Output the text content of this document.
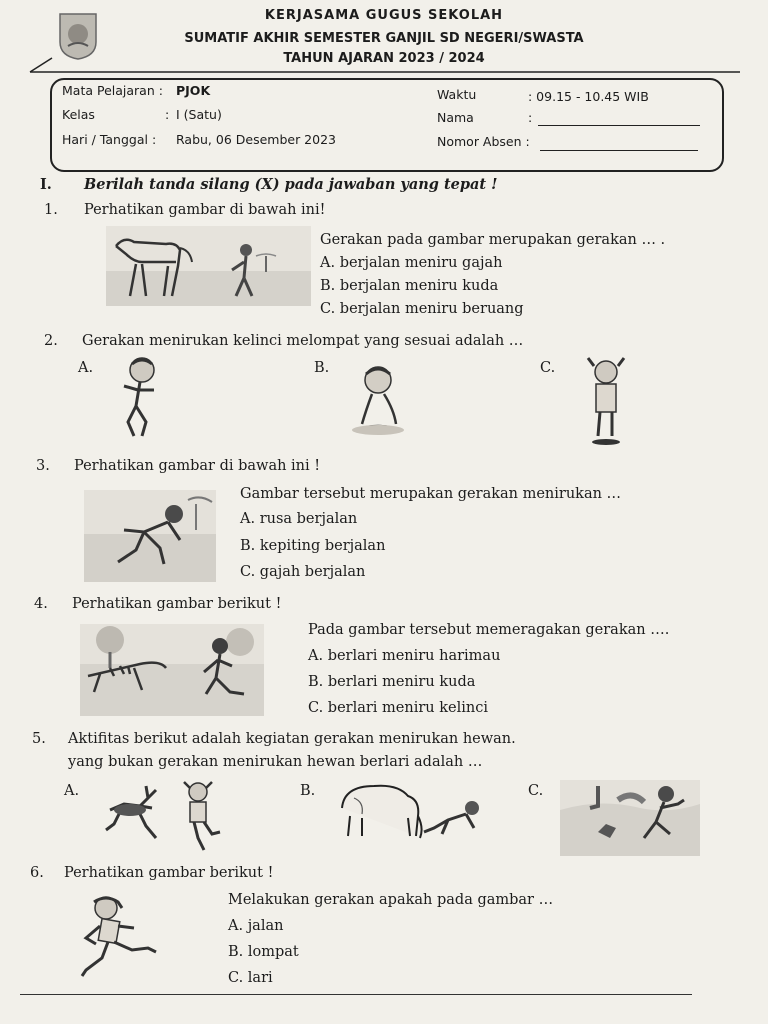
KERJASAMA GUGUS SEKOLAH
SUMATIF AKHIR SEMESTER GANJIL SD NEGERI/SWASTA
TAHUN AJARAN 2023 / 2024
Mata Pelajaran : PJOK
Kelas	: I (Satu)
Hari / Tanggal : Rabu, 06 Desember 2023
Waktu	: 09.15 - 10.45 WIB
Nama	:
Nomor Absen :
I. Berilah tanda silang (X) pada jawaban yang tepat !
1. Perhatikan gambar di bawah ini!
Gerakan pada gambar merupakan gerakan … .
A. berjalan meniru gajah
B. berjalan meniru kuda
C. berjalan meniru beruang
2. Gerakan menirukan kelinci melompat yang sesuai adalah …
A.	B.	C.
3. Perhatikan gambar di bawah ini !
Gambar tersebut merupakan gerakan menirukan …
A. rusa berjalan
B. kepiting berjalan
C. gajah berjalan
4. Perhatikan gambar berikut !
Pada gambar tersebut memeragakan gerakan ….
A. berlari meniru harimau
B. berlari meniru kuda
C. berlari meniru kelinci
5. Aktifitas berikut adalah kegiatan gerakan menirukan hewan.
yang bukan gerakan menirukan hewan berlari adalah …
A.	B.	C.
6. Perhatikan gambar berikut !
Melakukan gerakan apakah pada gambar …
A. jalan
B. lompat
C. lari
